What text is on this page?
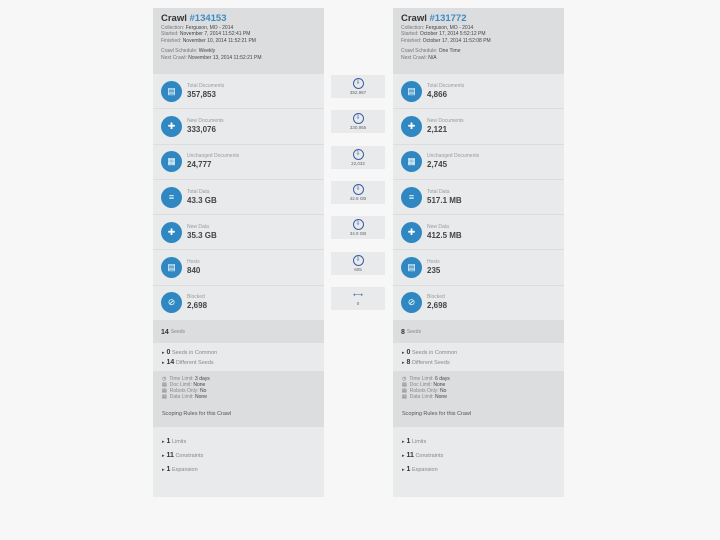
Crawl #134153
Collection: Ferguson, MO - 2014
Started: November 7, 2014 11:52:41 PM
Finished: November 10, 2014 11:52:21 PM
Crawl Schedule: Weekly
Next Crawl: November 13, 2014 11:52:21 PM
▤ Total Documents
357,853
✚ New Documents
333,076
▦ Unchanged Documents
24,777
≡
Total Data
43.3 GB
✚ New Data
35.3 GB
▤ Hosts
840
⊘ Blocked
2,698
14 Seeds
▸ 0 Seeds in Common
▸ 14 Different Seeds
◷ Time Limit: 3 days
▤ Doc Limit: None
▤ Robots Only: No
▤ Data Limit: None
Scoping Rules for this Crawl
▸ 1 Limits
▸ 11 Constraints
▸ 1 Expansion
Crawl #131772
Collection: Ferguson, MO - 2014
Started: October 17, 2014 5:52:12 PM
Finished: October 17, 2014 11:52:08 PM
Crawl Schedule: One Time
Next Crawl: N/A
▤ Total Documents
4,866
✚ New Documents
2,121
▦ Unchanged Documents
2,745
≡
Total Data
517.1 MB
✚ New Data
412.5 MB
▤ Hosts
235
⊘ Blocked
2,698
8 Seeds
▸ 0 Seeds in Common
▸ 8 Different Seeds
◷ Time Limit: 6 days
▤ Doc Limit: None
▤ Robots Only: No
▤ Data Limit: None
Scoping Rules for this Crawl
▸ 1 Limits
▸ 11 Constraints
▸ 1 Expansion
⇩
352,987
⇩
330,955
⇩
22,032
⇩
42.8 GB
⇩
34.9 GB
⇩
605
⟷
0
